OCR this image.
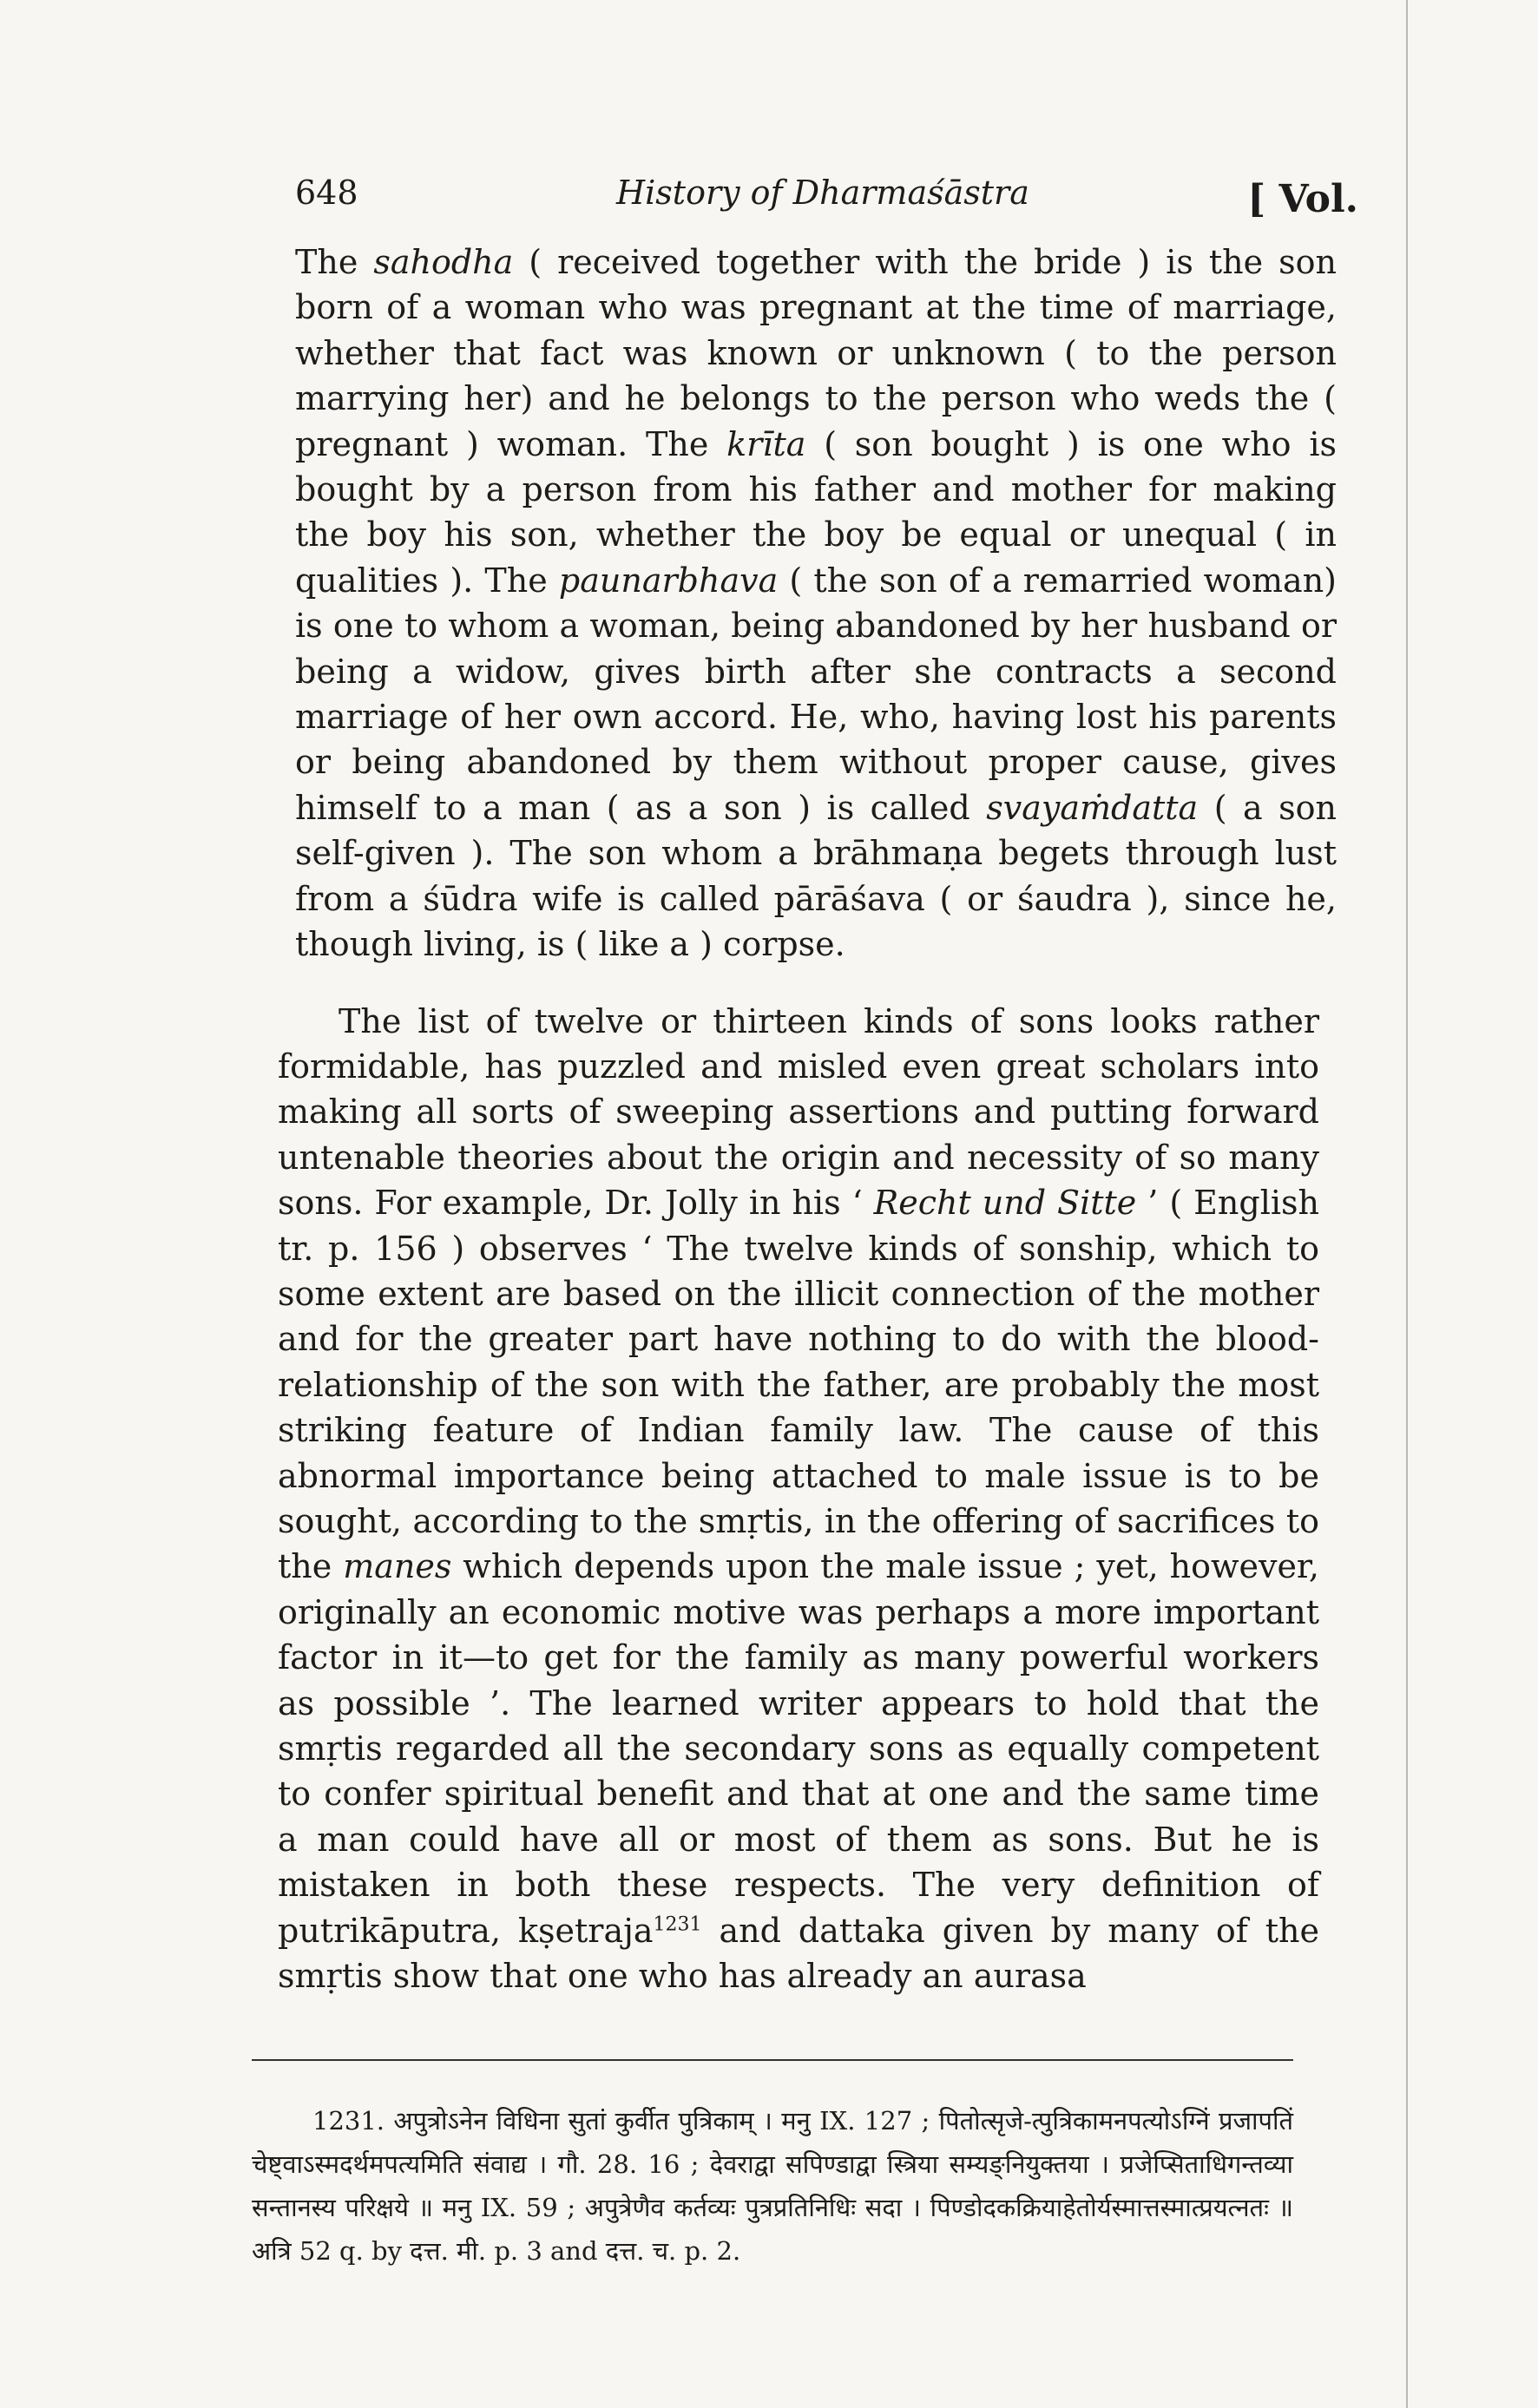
648	History of Dharmaśāstra	[ Vol.

The sahodha ( received together with the bride ) is the son born of a woman who was pregnant at the time of marriage, whether that fact was known or unknown ( to the person marrying her) and he belongs to the person who weds the ( pregnant ) woman. The krīta ( son bought ) is one who is bought by a person from his father and mother for making the boy his son, whether the boy be equal or unequal ( in qualities ). The paunarbhava ( the son of a remarried woman) is one to whom a woman, being abandoned by her husband or being a widow, gives birth after she contracts a second marriage of her own accord. He, who, having lost his parents or being abandoned by them without proper cause, gives himself to a man ( as a son ) is called svayaṁdatta ( a son self-given ). The son whom a brāhmaṇa begets through lust from a śūdra wife is called pārāśava ( or śaudra ), since he, though living, is ( like a ) corpse.

The list of twelve or thirteen kinds of sons looks rather formidable, has puzzled and misled even great scholars into making all sorts of sweeping assertions and putting forward untenable theories about the origin and necessity of so many sons. For example, Dr. Jolly in his ‘ Recht und Sitte ’ ( English tr. p. 156 ) observes ‘ The twelve kinds of sonship, which to some extent are based on the illicit connection of the mother and for the greater part have nothing to do with the blood-relationship of the son with the father, are probably the most striking feature of Indian family law. The cause of this abnormal importance being attached to male issue is to be sought, according to the smṛtis, in the offering of sacrifices to the manes which depends upon the male issue ; yet, however, originally an economic motive was perhaps a more important factor in it—to get for the family as many powerful workers as possible ’. The learned writer appears to hold that the smṛtis regarded all the secondary sons as equally competent to confer spiritual benefit and that at one and the same time a man could have all or most of them as sons. But he is mistaken in both these respects. The very definition of putrikāputra, kṣetraja$^{1231}$ and dattaka given by many of the smṛtis show that one who has already an aurasa

1231. अपुत्रोऽनेन विधिना सुतां कुर्वीत पुत्रिकाम् । मनु IX. 127 ; पितोत्सृजे-त्पुत्रिकामनपत्योऽग्निं प्रजापतिं चेष्ट्वाऽस्मदर्थमपत्यमिति संवाद्य । गौ. 28. 16 ; देवराद्वा सपिण्डाद्वा स्त्रिया सम्यङ्नियुक्तया । प्रजेप्सिताधिगन्तव्या सन्तानस्य परिक्षये ॥ मनु IX. 59 ; अपुत्रेणैव कर्तव्यः पुत्रप्रतिनिधिः सदा । पिण्डोदकक्रियाहेतोर्यस्मात्तस्मात्प्रयत्नतः ॥ अत्रि 52 q. by दत्त. मी. p. 3 and दत्त. च. p. 2.
